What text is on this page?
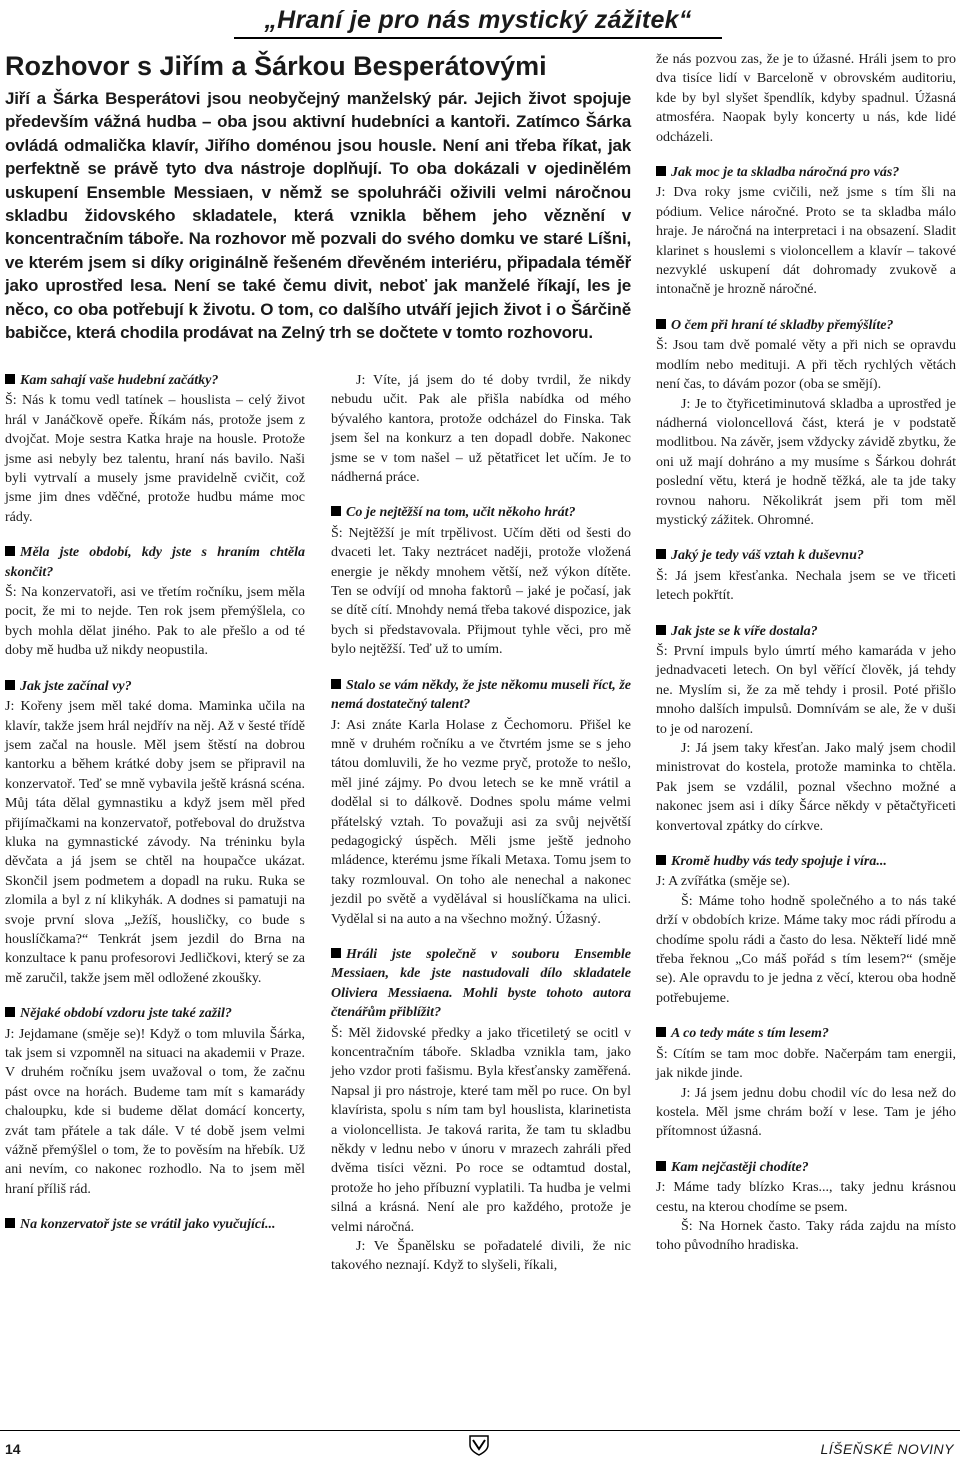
„Hraní je pro nás mystický zážitek“
Rozhovor s Jiřím a Šárkou Besperátovými

Jiří a Šárka Besperátovi jsou neobyčejný manželský pár. Jejich život spojuje především vážná hudba – oba jsou aktivní hudebníci a kantoři. Zatímco Šárka ovládá odmalička klavír, Jiřího doménou jsou housle. Není ani třeba říkat, jak perfektně se právě tyto dva nástroje doplňují. To oba dokázali v ojedinělém uskupení Ensemble Messiaen, v němž se spoluhráči oživili velmi náročnou skladbu židovského skladatele, která vznikla během jeho věznění v koncentračním táboře. Na rozhovor mě pozvali do svého domku ve staré Líšni, ve kterém jsem si díky originálně řešeném dřevěném interiéru, připadala téměř jako uprostřed lesa. Není se také čemu divit, neboť jak manželé říkají, les je něco, co oba potřebují k životu. O tom, co dalšího utváří jejich život i o Šárčině babičce, která chodila prodávat na Zelný trh se dočtete v tomto rozhovoru.

Kam sahají vaše hudební začátky?

Š: Nás k tomu vedl tatínek – houslista – celý život hrál v Janáčkově opeře. Říkám nás, protože jsem z dvojčat. Moje sestra Katka hraje na housle. Protože jsme asi nebyly bez talentu, hraní nás bavilo. Naši byli vytrvalí a musely jsme pravidelně cvičit, což jsme jim dnes vděčné, protože hudbu máme moc rády.

Měla jste období, kdy jste s hraním chtěla skončit?

Š: Na konzervatoři, asi ve třetím ročníku, jsem měla pocit, že mi to nejde. Ten rok jsem přemýšlela, co bych mohla dělat jiného. Pak to ale přešlo a od té doby mě hudba už nikdy neopustila.

Jak jste začínal vy?

J: Kořeny jsem měl také doma. Maminka učila na klavír, takže jsem hrál nejdřív na něj. Až v šesté třídě jsem začal na housle. Měl jsem štěstí na dobrou kantorku a během krátké doby jsem se připravil na konzervatoř. Teď se mně vybavila ještě krásná scéna. Můj táta dělal gymnastiku a když jsem měl před přijímačkami na konzervatoř, potřeboval do družstva kluka na gymnastické závody. Na tréninku byla děvčata a já jsem se chtěl na houpačce ukázat. Skončil jsem podmetem a dopadl na ruku. Ruka se zlomila a byl z ní klikyhák. A dodnes si pamatuji na svoje první slova „Ježíš, housličky, co bude s houslíčkama?“ Tenkrát jsem jezdil do Brna na konzultace k panu profesorovi Jedličkovi, který se za mě zaručil, takže jsem měl odložené zkoušky.

Nějaké období vzdoru jste také zažil?

J: Jejdamane (směje se)! Když o tom mluvila Šárka, tak jsem si vzpomněl na situaci na akademii v Praze. V druhém ročníku jsem uvažoval o tom, že začnu pást ovce na horách. Budeme tam mít s kamarády chaloupku, kde si budeme dělat domácí koncerty, zvát tam přátele a tak dále. V té době jsem velmi vážně přemýšlel o tom, že to pověsím na hřebík. Už ani nevím, co nakonec rozhodlo. Na to jsem měl hraní příliš rád.

Na konzervatoř jste se vrátil jako vyučující...

J: Víte, já jsem do té doby tvrdil, že nikdy nebudu učit. Pak ale přišla nabídka od mého bývalého kantora, protože odcházel do Finska. Tak jsem šel na konkurz a ten dopadl dobře. Nakonec jsme se v tom našel – už pětatřicet let učím. Je to nádherná práce.

Co je nejtěžší na tom, učit někoho hrát?

Š: Nejtěžší je mít trpělivost. Učím děti od šesti do dvaceti let. Taky neztrácet naději, protože vložená energie je někdy mnohem větší, než výkon dítěte. Ten se odvíjí od mnoha faktorů – jaké je počasí, jak se dítě cítí. Mnohdy nemá třeba takové dispozice, jak bych si představovala. Přijmout tyhle věci, pro mě bylo nejtěžší. Teď už to umím.

Stalo se vám někdy, že jste někomu museli říct, že nemá dostatečný talent?

J: Asi znáte Karla Holase z Čechomoru. Přišel ke mně v druhém ročníku a ve čtvrtém jsme se s jeho tátou domluvili, že ho vezme pryč, protože to nešlo, měl jiné zájmy. Po dvou letech se ke mně vrátil a dodělal si to dálkově. Dodnes spolu máme velmi přátelský vztah. To považuji asi za svůj největší pedagogický úspěch. Měli jsme ještě jednoho mládence, kterému jsme říkali Metaxa. Tomu jsem to taky rozmlouval. On toho ale nenechal a nakonec jezdil po světě a vydělával si houslíčkama na ulici. Vydělal si na auto a na všechno možný. Úžasný.

Hráli jste společně v souboru Ensemble Messiaen, kde jste nastudovali dílo skladatele Oliviera Messiaena. Mohli byste tohoto autora čtenářům přiblížit?

Š: Měl židovské předky a jako třicetiletý se ocitl v koncentračním táboře. Skladba vznikla tam, jako jeho vzdor proti fašismu. Byla křesťansky zaměřená. Napsal ji pro nástroje, které tam měl po ruce. On byl klavírista, spolu s ním tam byl houslista, klarinetista a violoncellista. Je taková rarita, že tam tu skladbu někdy v lednu nebo v únoru v mrazech zahráli před dvěma tisíci vězni. Po roce se odtamtud dostal, protože ho jeho příbuzní vyplatili. Ta hudba je velmi silná a krásná. Není ale pro každého, protože je velmi náročná.

J: Ve Španělsku se pořadatelé divili, že nic takového neznají. Když to slyšeli, říkali,

že nás pozvou zas, že je to úžasné. Hráli jsem to pro dva tisíce lidí v Barceloně v obrovském auditoriu, kde by byl slyšet špendlík, kdyby spadnul. Úžasná atmosféra. Naopak byly koncerty u nás, kde lidé odcházeli.

Jak moc je ta skladba náročná pro vás?

J: Dva roky jsme cvičili, než jsme s tím šli na pódium. Velice náročné. Proto se ta skladba málo hraje. Je náročná na interpretaci i na obsazení. Sladit klarinet s houslemi s violoncellem a klavír – takové nezvyklé uskupení dát dohromady zvukově a intonačně je hrozně náročné.

O čem při hraní té skladby přemýšlíte?

Š: Jsou tam dvě pomalé věty a při nich se opravdu modlím nebo medituji. A při těch rychlých větách není čas, to dávám pozor (oba se smějí).

J: Je to čtyřicetiminutová skladba a uprostřed je nádherná violoncellová část, která je v podstatě modlitbou. Na závěr, jsem vždycky závidě zbytku, že oni už mají dohráno a my musíme s Šárkou dohrát poslední větu, která je hodně těžká, ale ta jde taky rovnou nahoru. Několikrát jsem při tom měl mystický zážitek. Ohromné.

Jaký je tedy váš vztah k duševnu?

Š: Já jsem křesťanka. Nechala jsem se ve třiceti letech pokřtít.

Jak jste se k víře dostala?

Š: První impuls bylo úmrtí mého kamaráda v jeho jednadvaceti letech. On byl věřící člověk, já tehdy ne. Myslím si, že za mě tehdy i prosil. Poté přišlo mnoho dalších impulsů. Domnívám se ale, že v duši to je od narození.

J: Já jsem taky křesťan. Jako malý jsem chodil ministrovat do kostela, protože maminka to chtěla. Pak jsem se vzdálil, poznal všechno možné a nakonec jsem asi i díky Šárce někdy v pětačtyřiceti konvertoval zpátky do církve.

Kromě hudby vás tedy spojuje i víra...

J: A zvířátka (směje se).

Š: Máme toho hodně společného a to nás také drží v obdobích krize. Máme taky moc rádi přírodu a chodíme spolu rádi a často do lesa. Někteří lidé mně třeba řeknou „Co máš pořád s tím lesem?“ (směje se). Ale opravdu to je jedna z věcí, kterou oba hodně potřebujeme.

A co tedy máte s tím lesem?

Š: Cítím se tam moc dobře. Načerpám tam energii, jak nikde jinde.

J: Já jsem jednu dobu chodil víc do lesa než do kostela. Měl jsme chrám boží v lese. Tam je jého přítomnost úžasná.

Kam nejčastěji chodíte?

J: Máme tady blízko Kras..., taky jednu krásnou cestu, na kterou chodíme se psem.

Š: Na Hornek často. Taky ráda zajdu na místo toho původního hradiska.

14	LÍŠEŇSKÉ NOVINY
